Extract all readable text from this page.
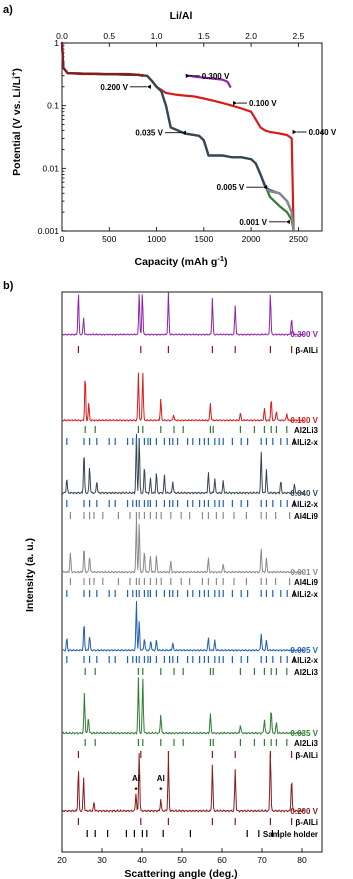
a)	Li/Al
0	500	1000	1500	2000	2500
0.0	0.5	1.0	1.5	2.0	2.5
0.001
0.01
0.1
1
0.300 V
0.200 V
0.100 V
0.040 V
0.035 V
0.005 V
0.001 V
Capacity (mAh $g^{-1}$)
Potential (V vs. Li/Li+)
b)
20	30	40	50	60	70	80
0.300 V
0.100 V
0.040 V
0.001 V
0.005 V
0.035 V
0.200 V
β-AlLi
Al2Li3
AlLi2-x
AlLi2-x
Al4Li9
Al4Li9
AlLi2-x
AlLi2-x
Al2Li3
Al2Li3
β-AlLi
β-AlLi
Sample holder
Al
*
Al
*
Scattering angle (deg.)
Intensity (a. u.)
